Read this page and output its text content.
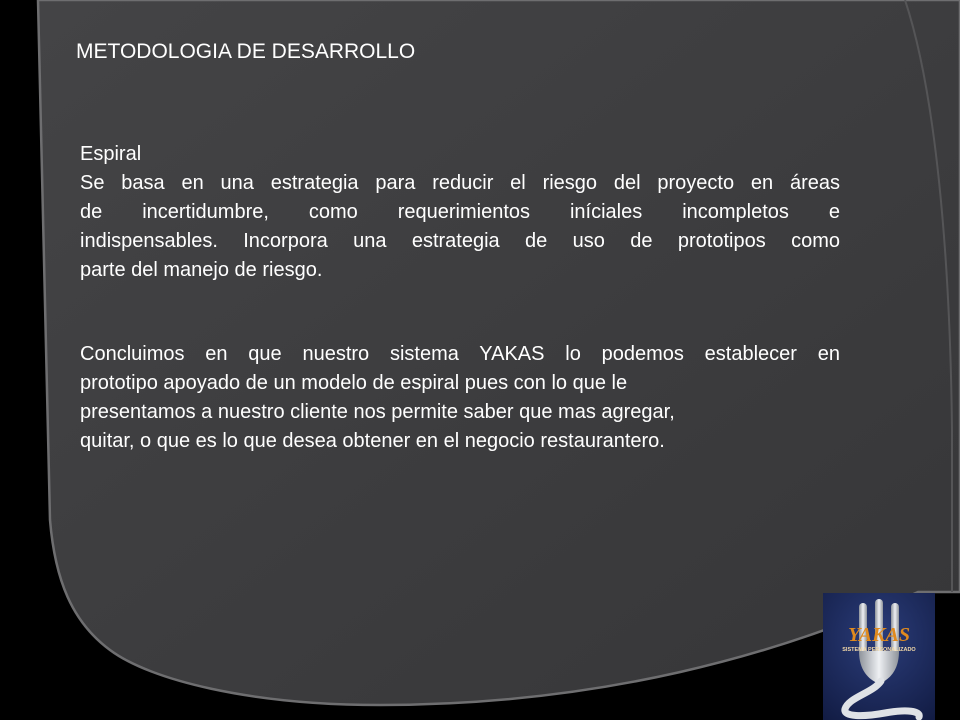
METODOLOGIA DE DESARROLLO
Espiral
Se basa en una estrategia para reducir el riesgo del proyecto en áreas
de incertidumbre, como requerimientos iníciales incompletos e
indispensables. Incorpora una estrategia de uso de prototipos como
parte del manejo de riesgo.
Concluimos en que nuestro sistema YAKAS lo podemos establecer en
prototipo apoyado de un modelo de espiral pues con lo que le
presentamos a nuestro cliente nos permite saber que mas agregar,
quitar, o que es lo que desea obtener en el negocio restaurantero.
YAKAS
SISTEMA PERSONALIZADO
